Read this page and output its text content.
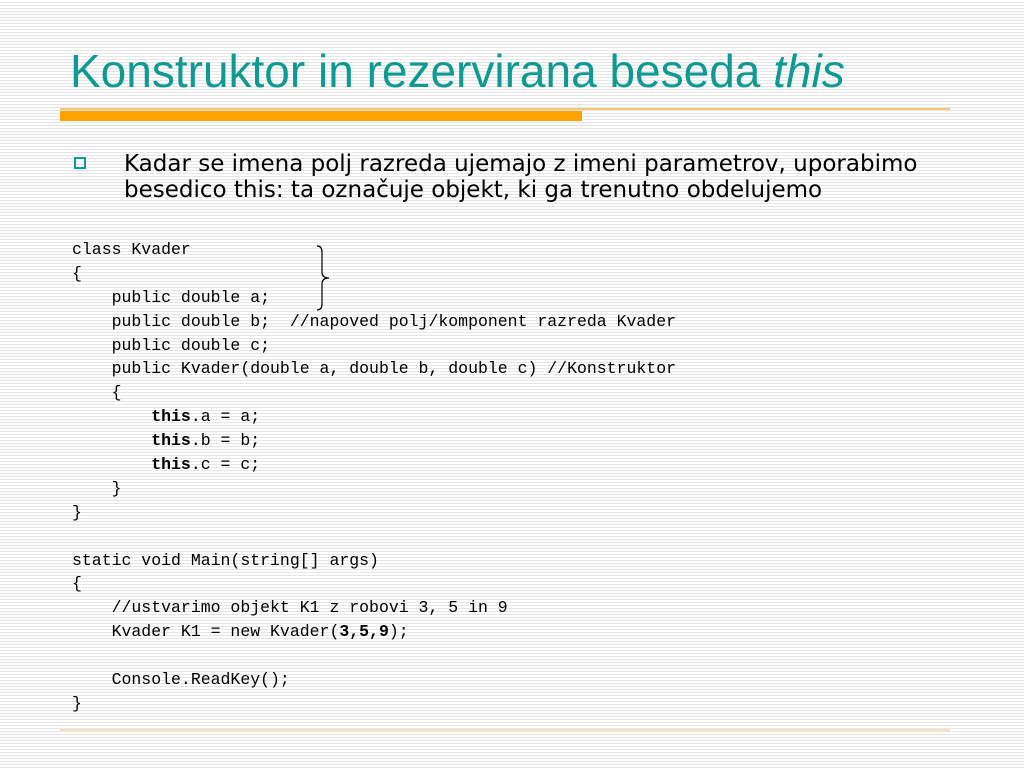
Konstruktor in rezervirana beseda this

Kadar se imena polj razreda ujemajo z imeni parametrov, uporabimo besedico this: ta označuje objekt, ki ga trenutno obdelujemo

class Kvader
{
public double a;
public double b;  //napoved polj/komponent razreda Kvader
public double c;
public Kvader(double a, double b, double c) //Konstruktor
{
this.a = a;
this.b = b;
this.c = c;
}
}
static void Main(string[] args)
{
//ustvarimo objekt K1 z robovi 3, 5 in 9
Kvader K1 = new Kvader(3,5,9);
Console.ReadKey();
}
